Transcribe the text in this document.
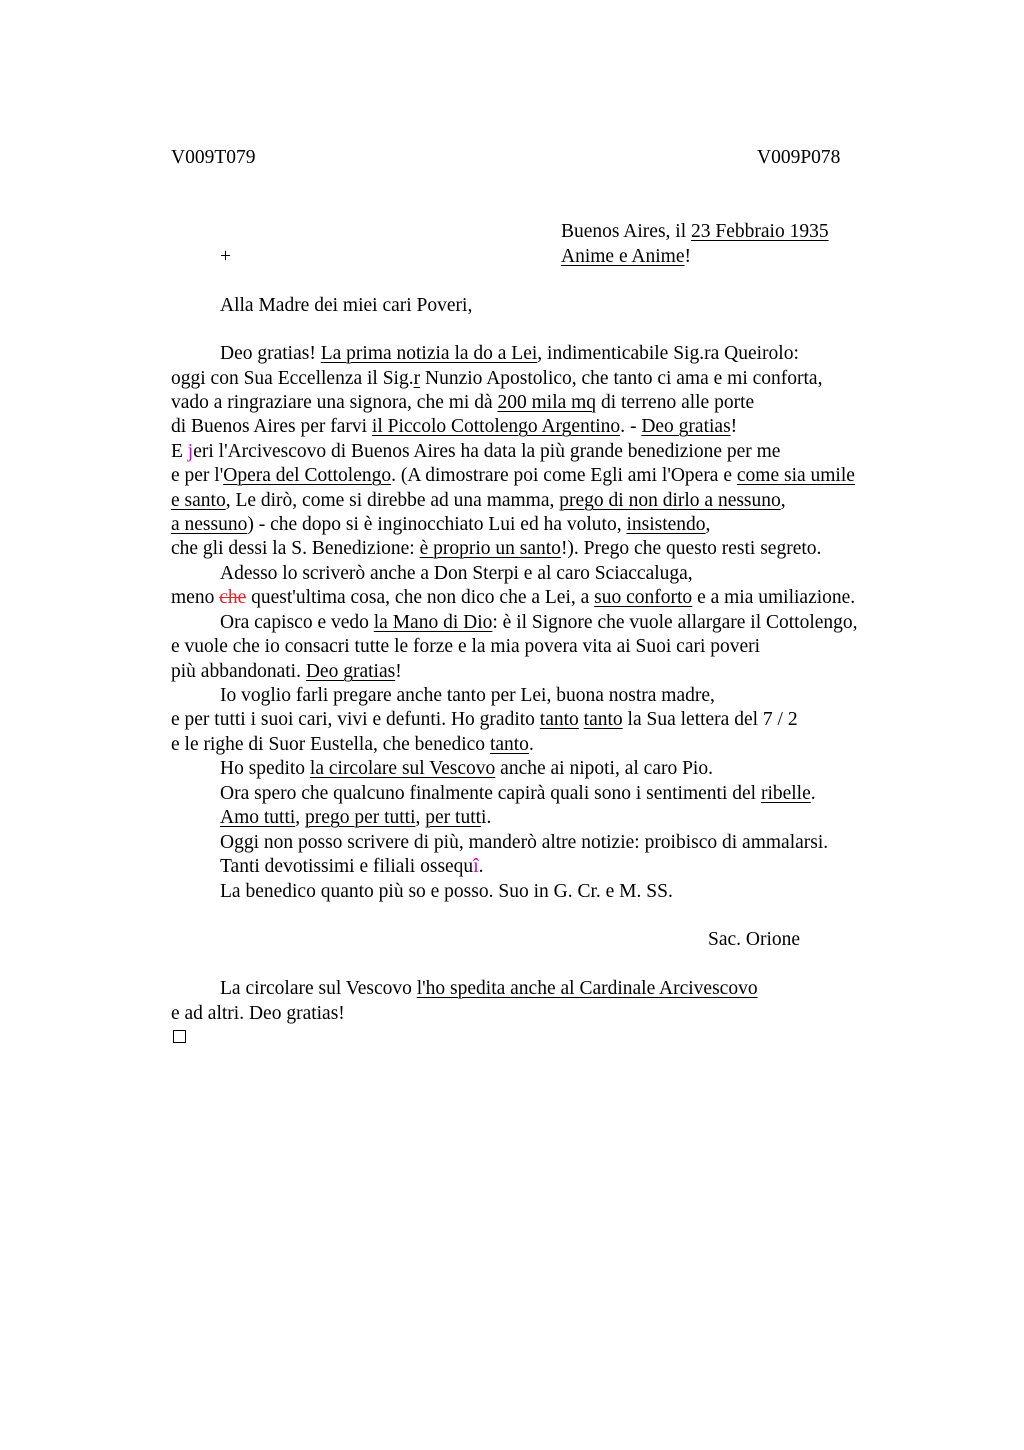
V009T079	V009P078
Buenos Aires, il 23 Febbraio 1935
+	Anime e Anime!
Alla Madre dei miei cari Poveri,
Deo gratias! La prima notizia la do a Lei, indimenticabile Sig.ra Queirolo:
oggi con Sua Eccellenza il Sig.r Nunzio Apostolico, che tanto ci ama e mi conforta,
vado a ringraziare una signora, che mi dà 200 mila mq di terreno alle porte
di Buenos Aires per farvi il Piccolo Cottolengo Argentino. - Deo gratias!
E jeri l'Arcivescovo di Buenos Aires ha data la più grande benedizione per me
e per l'Opera del Cottolengo. (A dimostrare poi come Egli ami l'Opera e come sia umile
e santo, Le dirò, come si direbbe ad una mamma, prego di non dirlo a nessuno,
a nessuno) - che dopo si è inginocchiato Lui ed ha voluto, insistendo,
che gli dessi la S. Benedizione: è proprio un santo!). Prego che questo resti segreto.
Adesso lo scriverò anche a Don Sterpi e al caro Sciaccaluga,
meno che quest'ultima cosa, che non dico che a Lei, a suo conforto e a mia umiliazione.
Ora capisco e vedo la Mano di Dio: è il Signore che vuole allargare il Cottolengo,
e vuole che io consacri tutte le forze e la mia povera vita ai Suoi cari poveri
più abbandonati. Deo gratias!
Io voglio farli pregare anche tanto per Lei, buona nostra madre,
e per tutti i suoi cari, vivi e defunti. Ho gradito tanto tanto la Sua lettera del 7 / 2
e le righe di Suor Eustella, che benedico tanto.
Ho spedito la circolare sul Vescovo anche ai nipoti, al caro Pio.
Ora spero che qualcuno finalmente capirà quali sono i sentimenti del ribelle.
Amo tutti, prego per tutti, per tutti.
Oggi non posso scrivere di più, manderò altre notizie: proibisco di ammalarsi.
Tanti devotissimi e filiali ossequî.
La benedico quanto più so e posso. Suo in G. Cr. e M. SS.
Sac. Orione
La circolare sul Vescovo l'ho spedita anche al Cardinale Arcivescovo
e ad altri. Deo gratias!
